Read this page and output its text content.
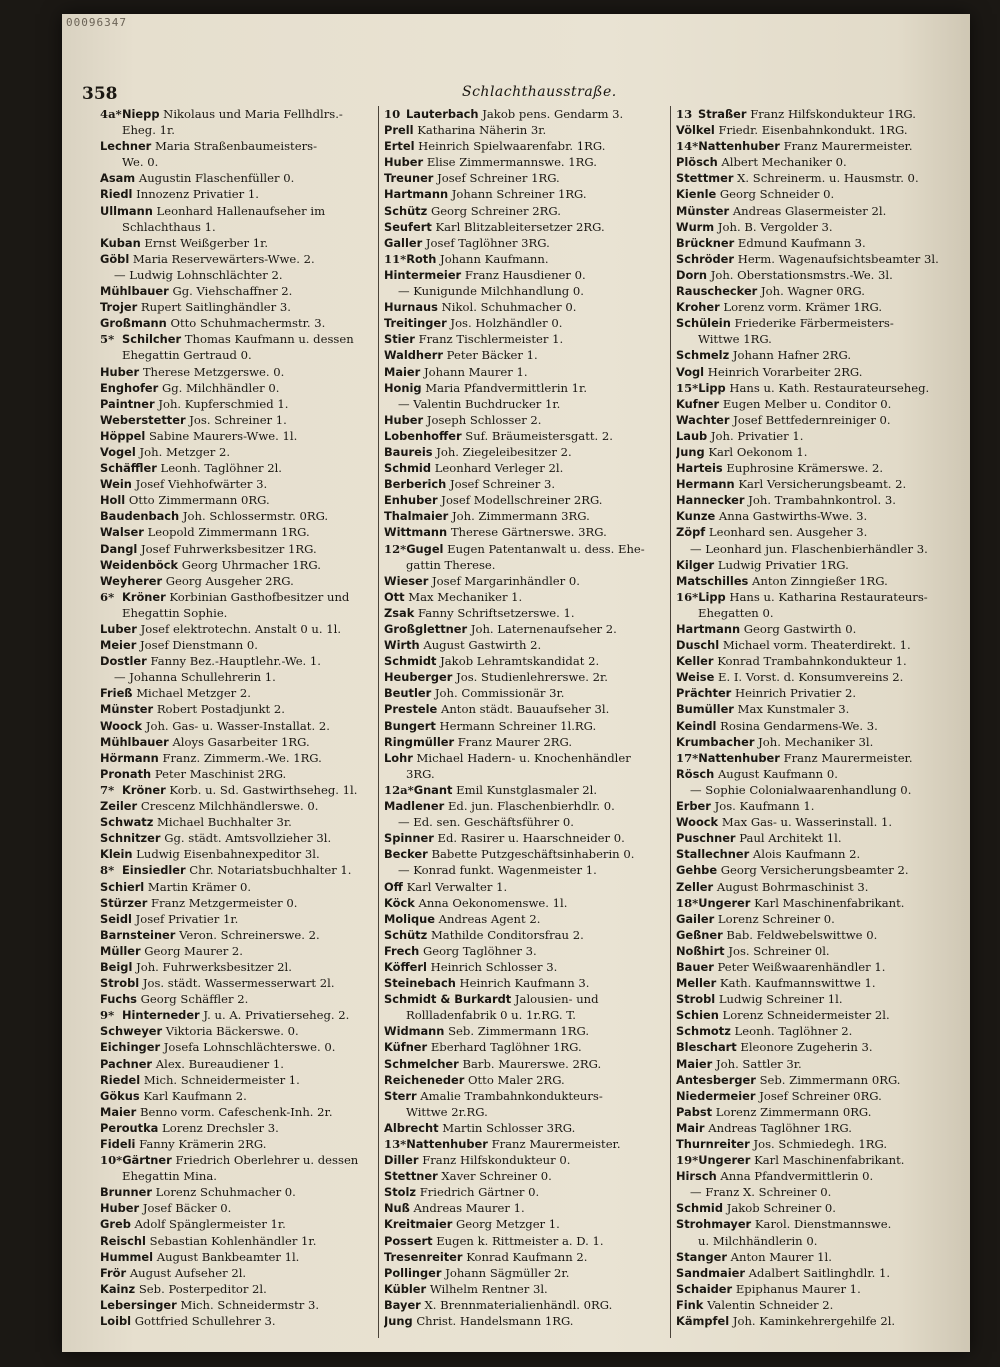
00096347
358	Schlachthausstraße.
4a*Niepp Nikolaus und Maria Fellhdlrs.-
Eheg. 1r.
Lechner Maria Straßenbaumeisters-
We. 0.
Asam Augustin Flaschenfüller 0.
Riedl Innozenz Privatier 1.
Ullmann Leonhard Hallenaufseher im
Schlachthaus 1.
Kuban Ernst Weißgerber 1r.
Göbl Maria Reservewärters-Wwe. 2.
— Ludwig Lohnschlächter 2.
Mühlbauer Gg. Viehschaffner 2.
Trojer Rupert Saitlinghändler 3.
Großmann Otto Schuhmachermstr. 3.
5* Schilcher Thomas Kaufmann u. dessen
Ehegattin Gertraud 0.
Huber Therese Metzgerswe. 0.
Enghofer Gg. Milchhändler 0.
Paintner Joh. Kupferschmied 1.
Weberstetter Jos. Schreiner 1.
Höppel Sabine Maurers-Wwe. 1l.
Vogel Joh. Metzger 2.
Schäffler Leonh. Taglöhner 2l.
Wein Josef Viehhofwärter 3.
Holl Otto Zimmermann 0RG.
Baudenbach Joh. Schlossermstr. 0RG.
Walser Leopold Zimmermann 1RG.
Dangl Josef Fuhrwerksbesitzer 1RG.
Weidenböck Georg Uhrmacher 1RG.
Weyherer Georg Ausgeher 2RG.
6* Kröner Korbinian Gasthofbesitzer und
Ehegattin Sophie.
Luber Josef elektrotechn. Anstalt 0 u. 1l.
Meier Josef Dienstmann 0.
Dostler Fanny Bez.-Hauptlehr.-We. 1.
— Johanna Schullehrerin 1.
Frieß Michael Metzger 2.
Münster Robert Postadjunkt 2.
Woock Joh. Gas- u. Wasser-Installat. 2.
Mühlbauer Aloys Gasarbeiter 1RG.
Hörmann Franz. Zimmerm.-We. 1RG.
Pronath Peter Maschinist 2RG.
7* Kröner Korb. u. Sd. Gastwirthseheg. 1l.
Zeiler Crescenz Milchhändlerswe. 0.
Schwatz Michael Buchhalter 3r.
Schnitzer Gg. städt. Amtsvollzieher 3l.
Klein Ludwig Eisenbahnexpeditor 3l.
8* Einsiedler Chr. Notariatsbuchhalter 1.
Schierl Martin Krämer 0.
Stürzer Franz Metzgermeister 0.
Seidl Josef Privatier 1r.
Barnsteiner Veron. Schreinerswe. 2.
Müller Georg Maurer 2.
Beigl Joh. Fuhrwerksbesitzer 2l.
Strobl Jos. städt. Wassermesserwart 2l.
Fuchs Georg Schäffler 2.
9* Hinterneder J. u. A. Privatierseheg. 2.
Schweyer Viktoria Bäckerswe. 0.
Eichinger Josefa Lohnschlächterswe. 0.
Pachner Alex. Bureaudiener 1.
Riedel Mich. Schneidermeister 1.
Gökus Karl Kaufmann 2.
Maier Benno vorm. Cafeschenk-Inh. 2r.
Peroutka Lorenz Drechsler 3.
Fideli Fanny Krämerin 2RG.
10*Gärtner Friedrich Oberlehrer u. dessen
Ehegattin Mina.
Brunner Lorenz Schuhmacher 0.
Huber Josef Bäcker 0.
Greb Adolf Spänglermeister 1r.
Reischl Sebastian Kohlenhändler 1r.
Hummel August Bankbeamter 1l.
Frör August Aufseher 2l.
Kainz Seb. Posterpeditor 2l.
Lebersinger Mich. Schneidermstr 3.
Loibl Gottfried Schullehrer 3.
10 Lauterbach Jakob pens. Gendarm 3.
Prell Katharina Näherin 3r.
Ertel Heinrich Spielwaarenfabr. 1RG.
Huber Elise Zimmermannswe. 1RG.
Treuner Josef Schreiner 1RG.
Hartmann Johann Schreiner 1RG.
Schütz Georg Schreiner 2RG.
Seufert Karl Blitzableitersetzer 2RG.
Galler Josef Taglöhner 3RG.
11*Roth Johann Kaufmann.
Hintermeier Franz Hausdiener 0.
— Kunigunde Milchhandlung 0.
Hurnaus Nikol. Schuhmacher 0.
Treitinger Jos. Holzhändler 0.
Stier Franz Tischlermeister 1.
Waldherr Peter Bäcker 1.
Maier Johann Maurer 1.
Honig Maria Pfandvermittlerin 1r.
— Valentin Buchdrucker 1r.
Huber Joseph Schlosser 2.
Lobenhoffer Suf. Bräumeistersgatt. 2.
Baureis Joh. Ziegeleibesitzer 2.
Schmid Leonhard Verleger 2l.
Berberich Josef Schreiner 3.
Enhuber Josef Modellschreiner 2RG.
Thalmaier Joh. Zimmermann 3RG.
Wittmann Therese Gärtnerswe. 3RG.
12*Gugel Eugen Patentanwalt u. dess. Ehe-
gattin Therese.
Wieser Josef Margarinhändler 0.
Ott Max Mechaniker 1.
Zsak Fanny Schriftsetzerswe. 1.
Großglettner Joh. Laternenaufseher 2.
Wirth August Gastwirth 2.
Schmidt Jakob Lehramtskandidat 2.
Heuberger Jos. Studienlehrerswe. 2r.
Beutler Joh. Commissionär 3r.
Prestele Anton städt. Bauaufseher 3l.
Bungert Hermann Schreiner 1l.RG.
Ringmüller Franz Maurer 2RG.
Lohr Michael Hadern- u. Knochenhändler
3RG.
12a*Gnant Emil Kunstglasmaler 2l.
Madlener Ed. jun. Flaschenbierhdlr. 0.
— Ed. sen. Geschäftsführer 0.
Spinner Ed. Rasirer u. Haarschneider 0.
Becker Babette Putzgeschäftsinhaberin 0.
— Konrad funkt. Wagenmeister 1.
Off Karl Verwalter 1.
Köck Anna Oekonomenswe. 1l.
Molique Andreas Agent 2.
Schütz Mathilde Conditorsfrau 2.
Frech Georg Taglöhner 3.
Köfferl Heinrich Schlosser 3.
Steinebach Heinrich Kaufmann 3.
Schmidt & Burkardt Jalousien- und
Rollladenfabrik 0 u. 1r.RG. T.
Widmann Seb. Zimmermann 1RG.
Küfner Eberhard Taglöhner 1RG.
Schmelcher Barb. Maurerswe. 2RG.
Reicheneder Otto Maler 2RG.
Sterr Amalie Trambahnkondukteurs-
Wittwe 2r.RG.
Albrecht Martin Schlosser 3RG.
13*Nattenhuber Franz Maurermeister.
Diller Franz Hilfskondukteur 0.
Stettner Xaver Schreiner 0.
Stolz Friedrich Gärtner 0.
Nuß Andreas Maurer 1.
Kreitmaier Georg Metzger 1.
Possert Eugen k. Rittmeister a. D. 1.
Tresenreiter Konrad Kaufmann 2.
Pollinger Johann Sägmüller 2r.
Kübler Wilhelm Rentner 3l.
Bayer X. Brennmaterialienhändl. 0RG.
Jung Christ. Handelsmann 1RG.
13 Straßer Franz Hilfskondukteur 1RG.
Völkel Friedr. Eisenbahnkondukt. 1RG.
14*Nattenhuber Franz Maurermeister.
Plösch Albert Mechaniker 0.
Stettmer X. Schreinerm. u. Hausmstr. 0.
Kienle Georg Schneider 0.
Münster Andreas Glasermeister 2l.
Wurm Joh. B. Vergolder 3.
Brückner Edmund Kaufmann 3.
Schröder Herm. Wagenaufsichtsbeamter 3l.
Dorn Joh. Oberstationsmstrs.-We. 3l.
Rauschecker Joh. Wagner 0RG.
Kroher Lorenz vorm. Krämer 1RG.
Schülein Friederike Färbermeisters-
Wittwe 1RG.
Schmelz Johann Hafner 2RG.
Vogl Heinrich Vorarbeiter 2RG.
15*Lipp Hans u. Kath. Restaurateurseheg.
Kufner Eugen Melber u. Conditor 0.
Wachter Josef Bettfedernreiniger 0.
Laub Joh. Privatier 1.
Jung Karl Oekonom 1.
Harteis Euphrosine Krämerswe. 2.
Hermann Karl Versicherungsbeamt. 2.
Hannecker Joh. Trambahnkontrol. 3.
Kunze Anna Gastwirths-Wwe. 3.
Zöpf Leonhard sen. Ausgeher 3.
— Leonhard jun. Flaschenbierhändler 3.
Kilger Ludwig Privatier 1RG.
Matschilles Anton Zinngießer 1RG.
16*Lipp Hans u. Katharina Restaurateurs-
Ehegatten 0.
Hartmann Georg Gastwirth 0.
Duschl Michael vorm. Theaterdirekt. 1.
Keller Konrad Trambahnkondukteur 1.
Weise E. I. Vorst. d. Konsumvereins 2.
Prächter Heinrich Privatier 2.
Bumüller Max Kunstmaler 3.
Keindl Rosina Gendarmens-We. 3.
Krumbacher Joh. Mechaniker 3l.
17*Nattenhuber Franz Maurermeister.
Rösch August Kaufmann 0.
— Sophie Colonialwaarenhandlung 0.
Erber Jos. Kaufmann 1.
Woock Max Gas- u. Wasserinstall. 1.
Puschner Paul Architekt 1l.
Stallechner Alois Kaufmann 2.
Gehbe Georg Versicherungsbeamter 2.
Zeller August Bohrmaschinist 3.
18*Ungerer Karl Maschinenfabrikant.
Gailer Lorenz Schreiner 0.
Geßner Bab. Feldwebelswittwe 0.
Noßhirt Jos. Schreiner 0l.
Bauer Peter Weißwaarenhändler 1.
Meller Kath. Kaufmannswittwe 1.
Strobl Ludwig Schreiner 1l.
Schien Lorenz Schneidermeister 2l.
Schmotz Leonh. Taglöhner 2.
Bleschart Eleonore Zugeherin 3.
Maier Joh. Sattler 3r.
Antesberger Seb. Zimmermann 0RG.
Niedermeier Josef Schreiner 0RG.
Pabst Lorenz Zimmermann 0RG.
Mair Andreas Taglöhner 1RG.
Thurnreiter Jos. Schmiedegh. 1RG.
19*Ungerer Karl Maschinenfabrikant.
Hirsch Anna Pfandvermittlerin 0.
— Franz X. Schreiner 0.
Schmid Jakob Schreiner 0.
Strohmayer Karol. Dienstmannswe.
u. Milchhändlerin 0.
Stanger Anton Maurer 1l.
Sandmaier Adalbert Saitlinghdlr. 1.
Schaider Epiphanus Maurer 1.
Fink Valentin Schneider 2.
Kämpfel Joh. Kaminkehrergehilfe 2l.
